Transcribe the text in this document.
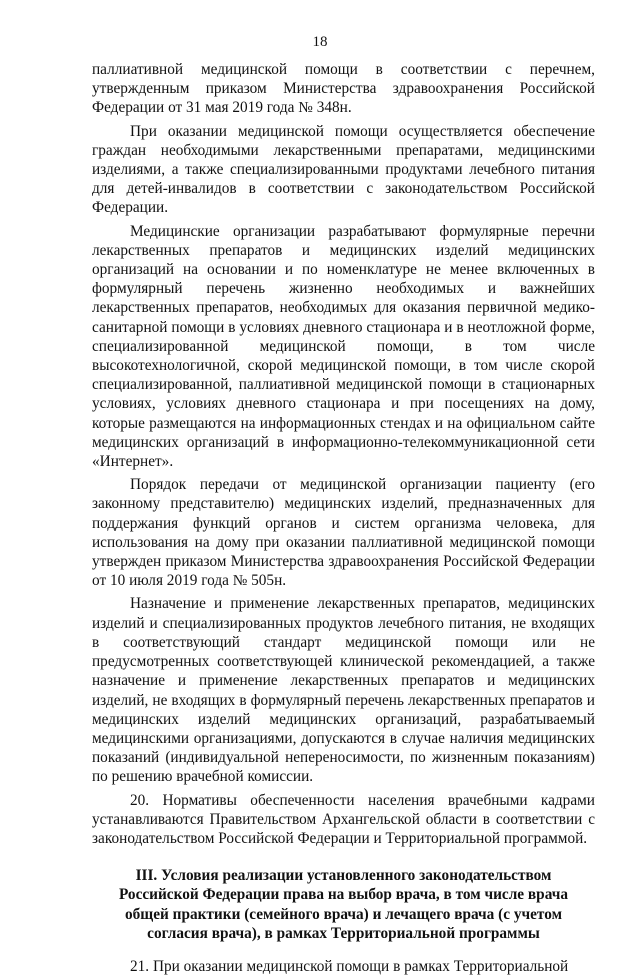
18

паллиативной медицинской помощи в соответствии с перечнем, утвержденным приказом Министерства здравоохранения Российской Федерации от 31 мая 2019 года № 348н.

При оказании медицинской помощи осуществляется обеспечение граждан необходимыми лекарственными препаратами, медицинскими изделиями, а также специализированными продуктами лечебного питания для детей-инвалидов в соответствии с законодательством Российской Федерации.

Медицинские организации разрабатывают формулярные перечни лекарственных препаратов и медицинских изделий медицинских организаций на основании и по номенклатуре не менее включенных в формулярный перечень жизненно необходимых и важнейших лекарственных препаратов, необходимых для оказания первичной медико-санитарной помощи в условиях дневного стационара и в неотложной форме, специализированной медицинской помощи, в том числе высокотехнологичной, скорой медицинской помощи, в том числе скорой специализированной, паллиативной медицинской помощи в стационарных условиях, условиях дневного стационара и при посещениях на дому, которые размещаются на информационных стендах и на официальном сайте медицинских организаций в информационно-телекоммуникационной сети «Интернет».

Порядок передачи от медицинской организации пациенту (его законному представителю) медицинских изделий, предназначенных для поддержания функций органов и систем организма человека, для использования на дому при оказании паллиативной медицинской помощи утвержден приказом Министерства здравоохранения Российской Федерации от 10 июля 2019 года № 505н.

Назначение и применение лекарственных препаратов, медицинских изделий и специализированных продуктов лечебного питания, не входящих в соответствующий стандарт медицинской помощи или не предусмотренных соответствующей клинической рекомендацией, а также назначение и применение лекарственных препаратов и медицинских изделий, не входящих в формулярный перечень лекарственных препаратов и медицинских изделий медицинских организаций, разрабатываемый медицинскими организациями, допускаются в случае наличия медицинских показаний (индивидуальной непереносимости, по жизненным показаниям) по решению врачебной комиссии.

20. Нормативы обеспеченности населения врачебными кадрами устанавливаются Правительством Архангельской области в соответствии с законодательством Российской Федерации и Территориальной программой.

III. Условия реализации установленного законодательством
Российской Федерации права на выбор врача, в том числе врача
общей практики (семейного врача) и лечащего врача (с учетом
согласия врача), в рамках Территориальной программы

21. При оказании медицинской помощи в рамках Территориальной
